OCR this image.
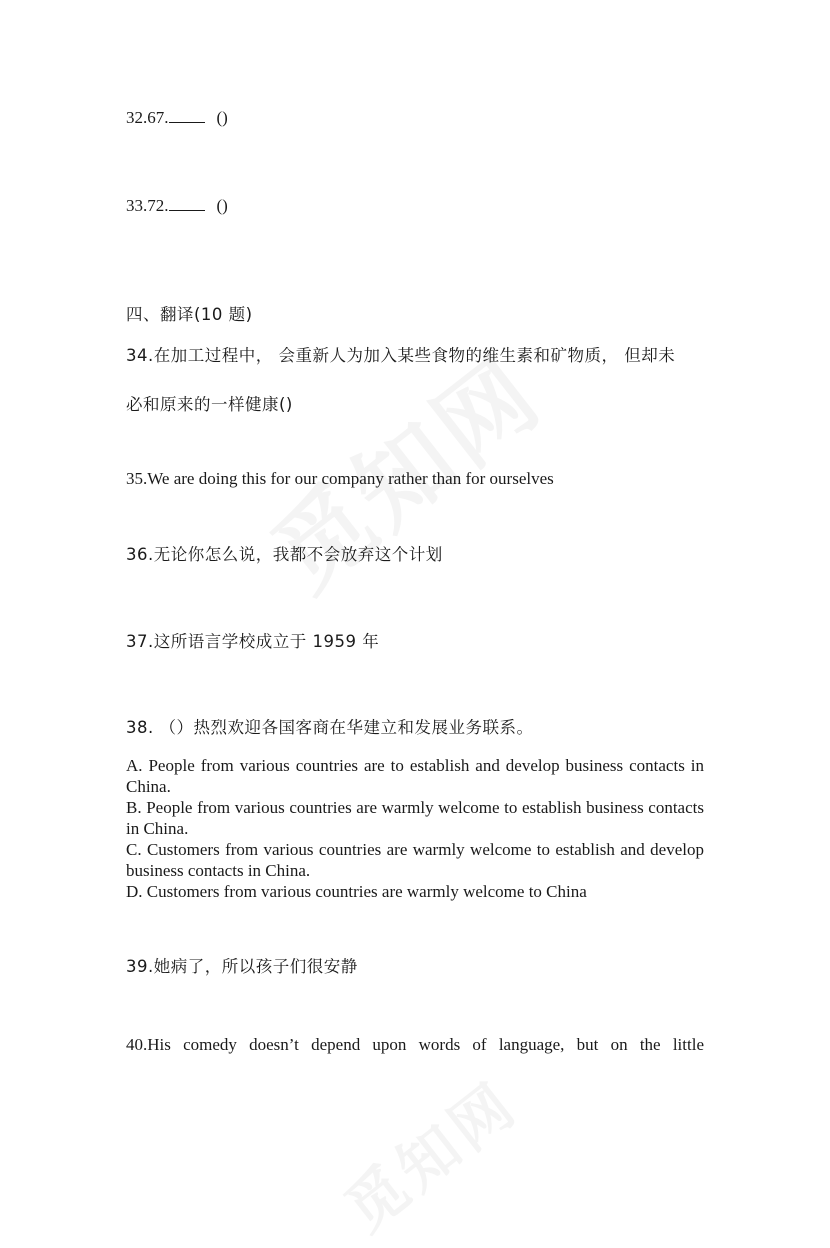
32.67.	()
33.72.	()
四、翻译(10 题)
34.在加工过程中， 会重新人为加入某些食物的维生素和矿物质， 但却未
必和原来的一样健康()
35.We are doing this for our company rather than for ourselves
36.无论你怎么说，我都不会放弃这个计划
37.这所语言学校成立于 1959 年
38. （）热烈欢迎各国客商在华建立和发展业务联系。

A. People from various countries are to establish and develop business contacts in China.

B. People from various countries are warmly welcome to establish business contacts in China.

C. Customers from various countries are warmly welcome to establish and develop business contacts in China.

D. Customers from various countries are warmly welcome to China

39.她病了，所以孩子们很安静
40.His comedy doesn’t depend upon words of language, but on the little
